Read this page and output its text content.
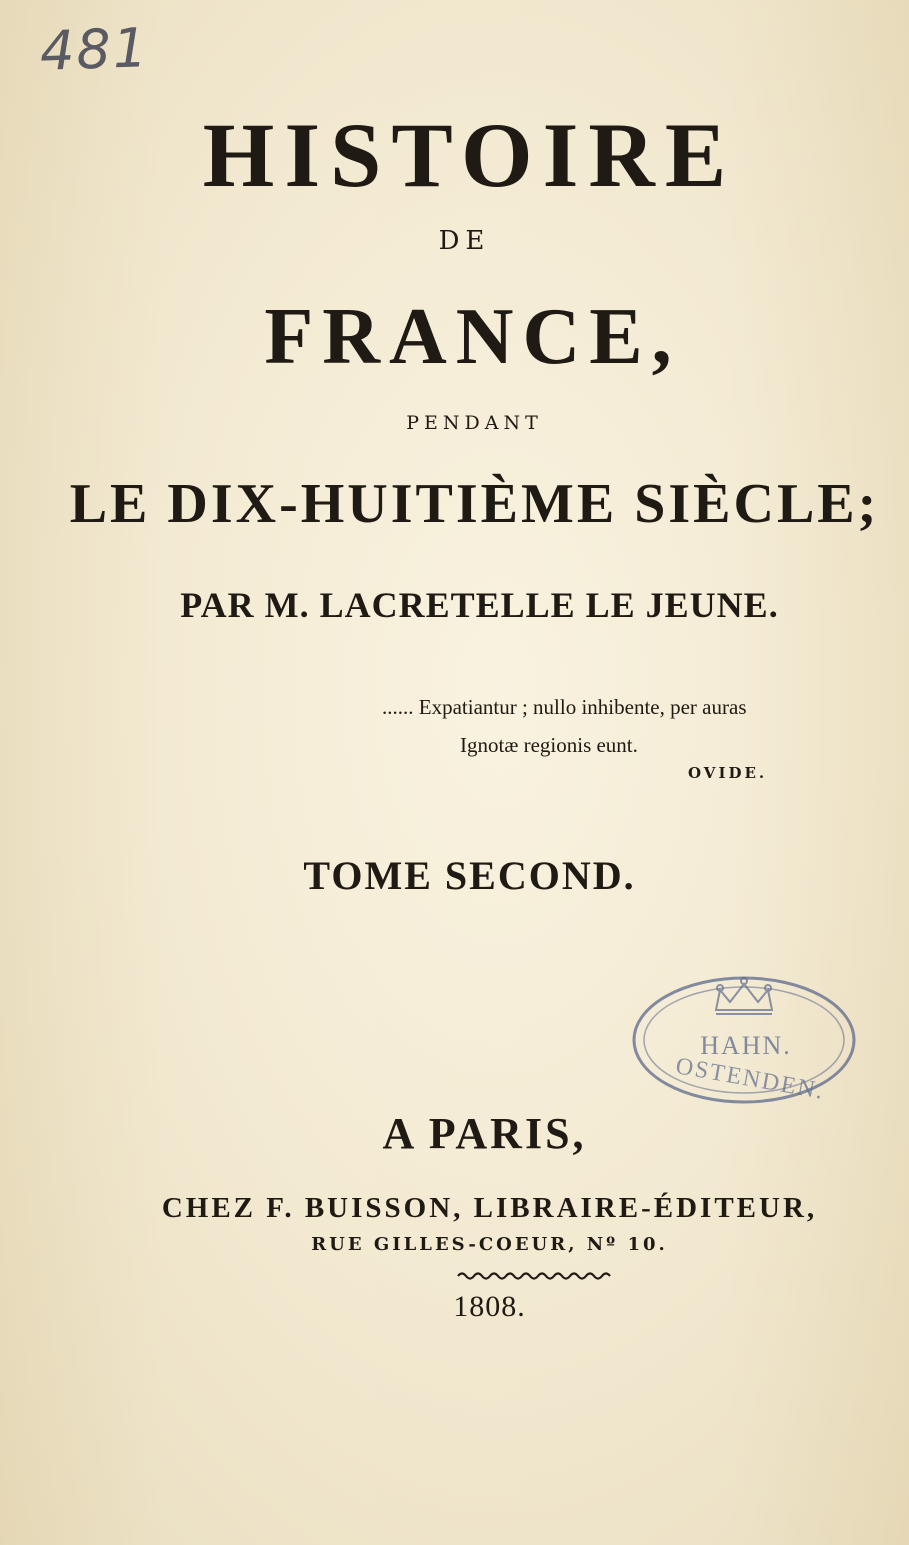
481
HISTOIRE
DE
FRANCE,
PENDANT
LE DIX-HUITIÈME SIÈCLE;
PAR M. LACRETELLE LE JEUNE.
...... Expatiantur ; nullo inhibente, per auras
Ignotæ regionis eunt.
OVIDE.
TOME SECOND.
HAHN.
OSTENDEN.
A PARIS,
CHEZ F. BUISSON, LIBRAIRE-ÉDITEUR,
RUE GILLES-COEUR, Nº 10.
1808.
